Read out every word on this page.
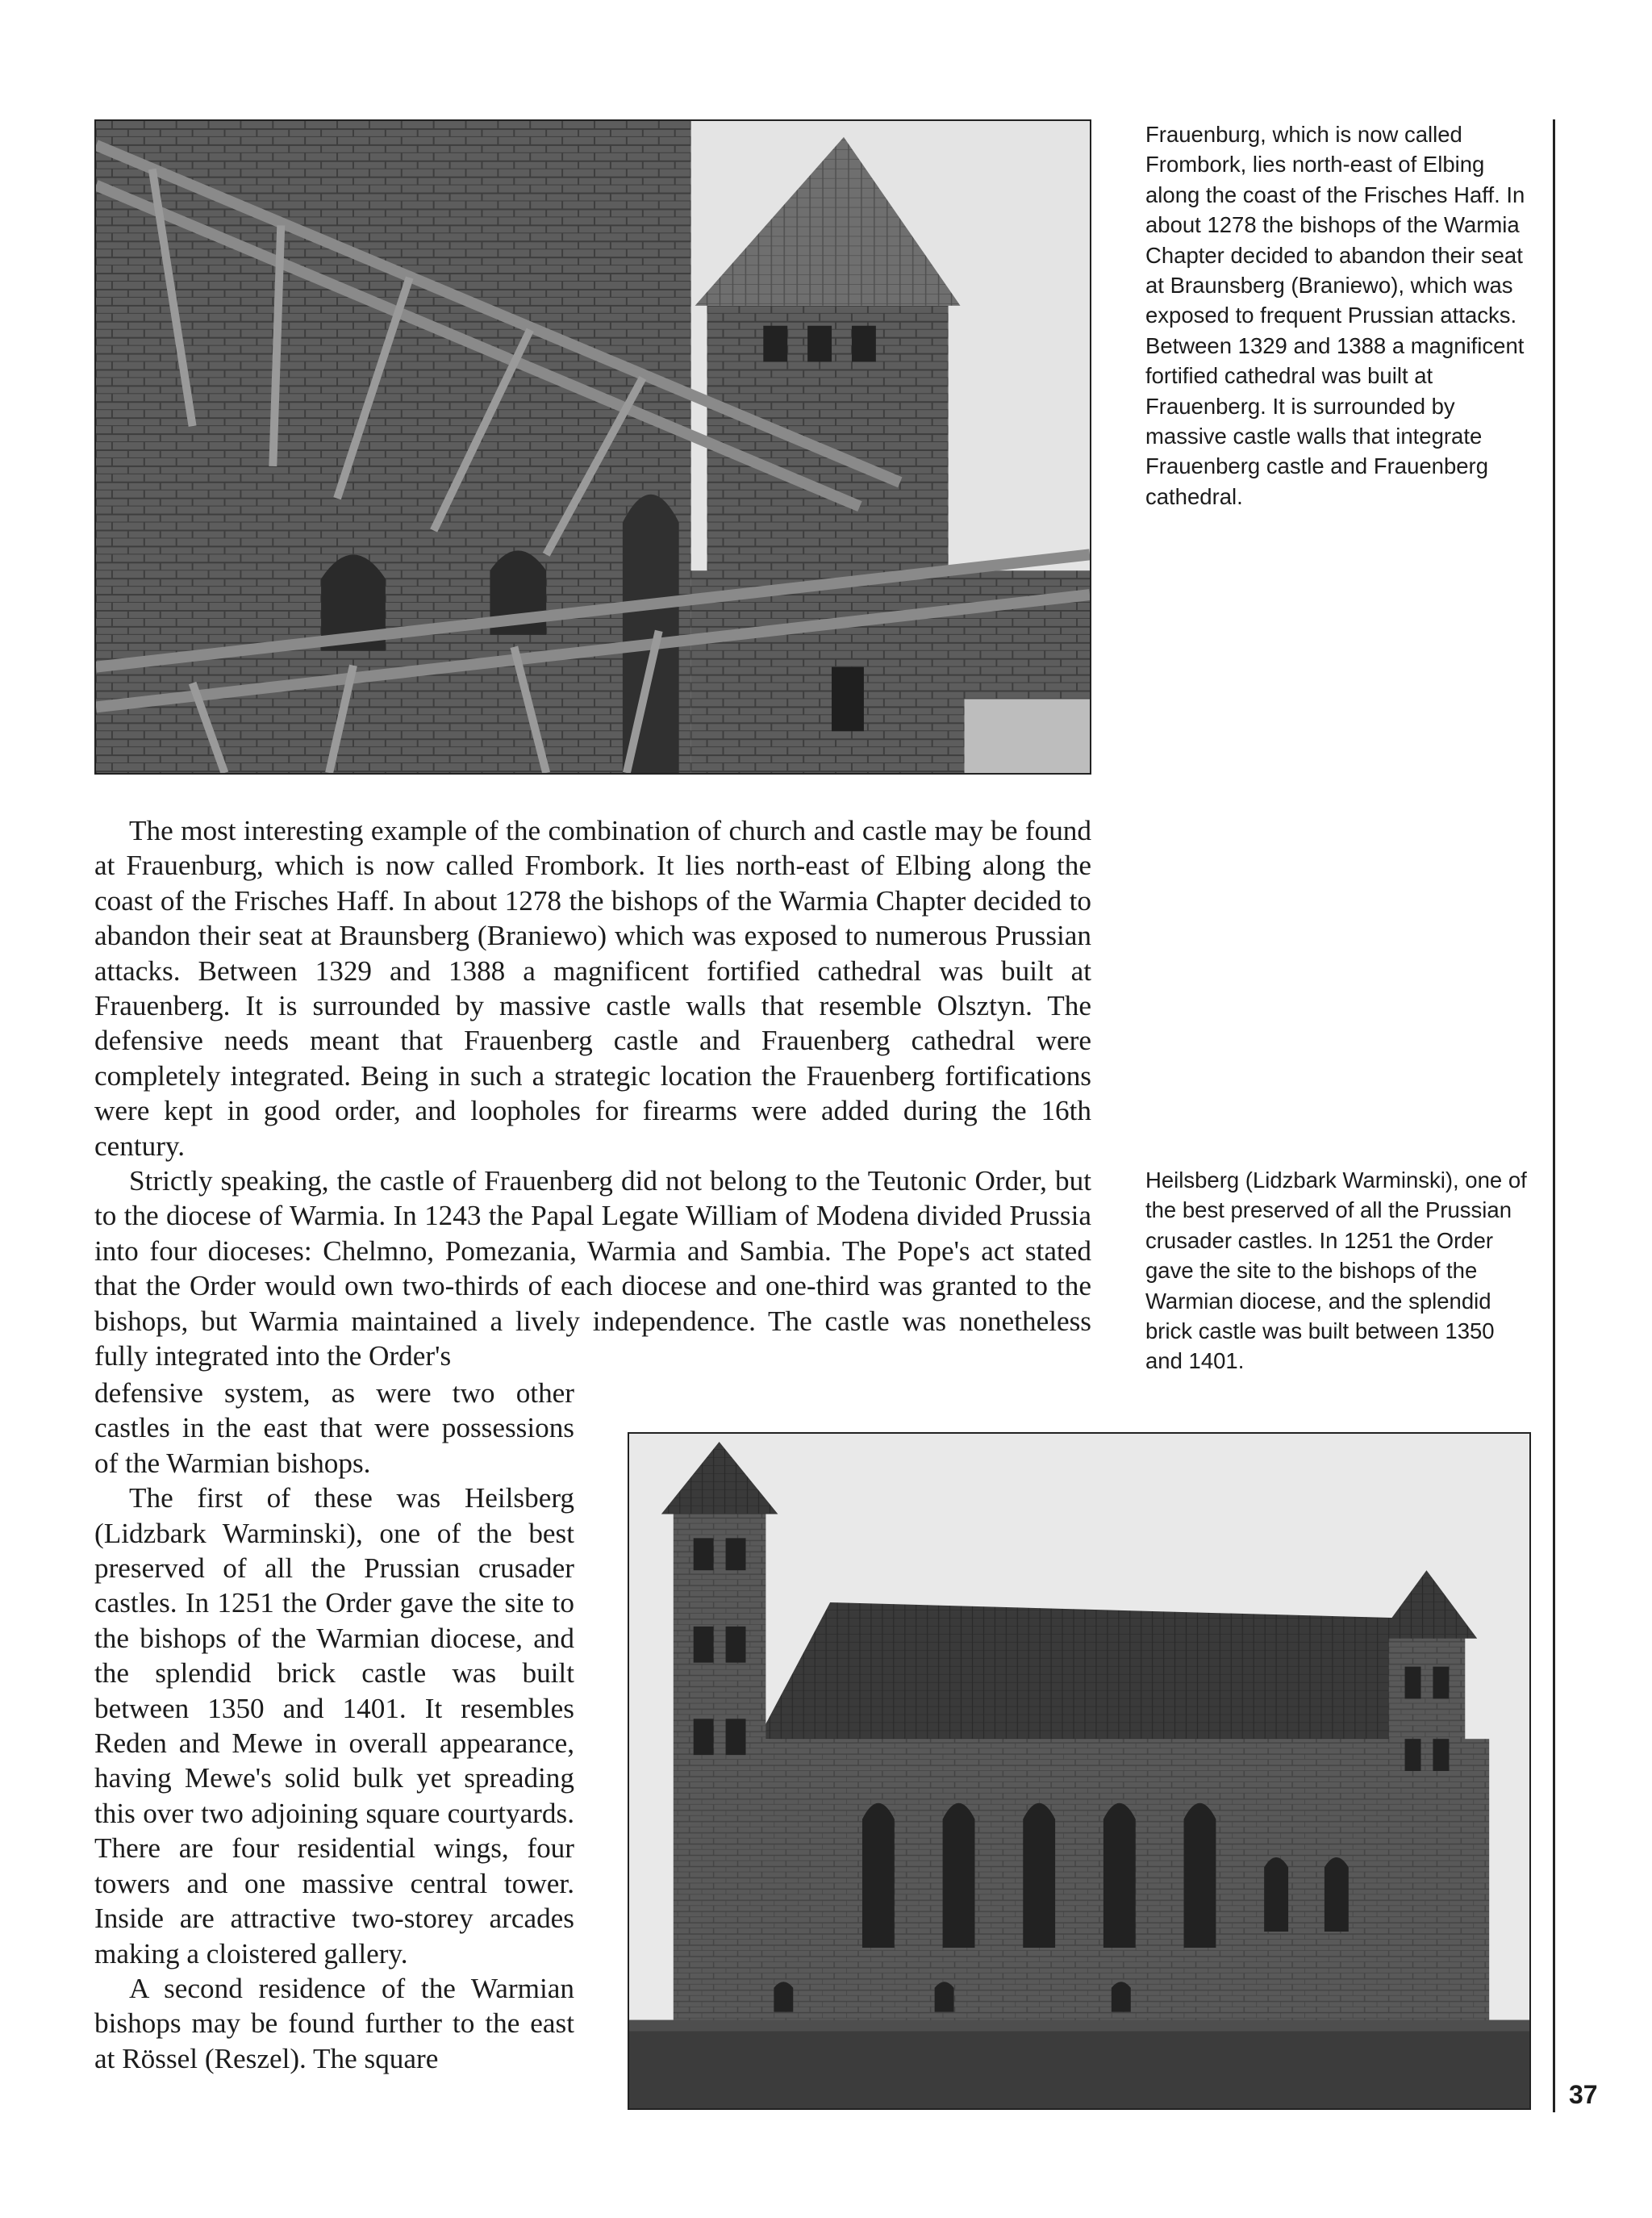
Frauenburg, which is now called Frombork, lies north-east of Elbing along the coast of the Frisches Haff. In about 1278 the bishops of the Warmia Chapter decided to abandon their seat at Braunsberg (Braniewo), which was exposed to frequent Prussian attacks. Between 1329 and 1388 a magnificent fortified cathedral was built at Frauenberg. It is surrounded by massive castle walls that integrate Frauenberg castle and Frauenberg cathedral.

The most interesting example of the combination of church and castle may be found at Frauenburg, which is now called Frombork. It lies north-east of Elbing along the coast of the Frisches Haff. In about 1278 the bishops of the Warmia Chapter decided to abandon their seat at Braunsberg (Braniewo) which was exposed to numerous Prussian attacks. Between 1329 and 1388 a magnificent fortified cathedral was built at Frauenberg. It is surrounded by massive castle walls that resemble Olsztyn. The defensive needs meant that Frauenberg castle and Frauenberg cathedral were completely integrated. Being in such a strategic location the Frauenberg fortifications were kept in good order, and loopholes for firearms were added during the 16th century.

Strictly speaking, the castle of Frauenberg did not belong to the Teutonic Order, but to the diocese of Warmia. In 1243 the Papal Legate William of Modena divided Prussia into four dioceses: Chelmno, Pomezania, Warmia and Sambia. The Pope's act stated that the Order would own two-thirds of each diocese and one-third was granted to the bishops, but Warmia maintained a lively independence. The castle was nonetheless fully integrated into the Order's

defensive system, as were two other castles in the east that were possessions of the Warmian bishops.

The first of these was Heilsberg (Lidzbark Warminski), one of the best preserved of all the Prussian crusader castles. In 1251 the Order gave the site to the bishops of the Warmian diocese, and the splendid brick castle was built between 1350 and 1401. It resembles Reden and Mewe in overall appearance, having Mewe's solid bulk yet spreading this over two adjoining square courtyards. There are four residential wings, four towers and one massive central tower. Inside are attractive two-storey arcades making a cloistered gallery.

A second residence of the Warmian bishops may be found further to the east at Rössel (Reszel). The square

Heilsberg (Lidzbark Warminski), one of the best preserved of all the Prussian crusader castles. In 1251 the Order gave the site to the bishops of the Warmian diocese, and the splendid brick castle was built between 1350 and 1401.

37
